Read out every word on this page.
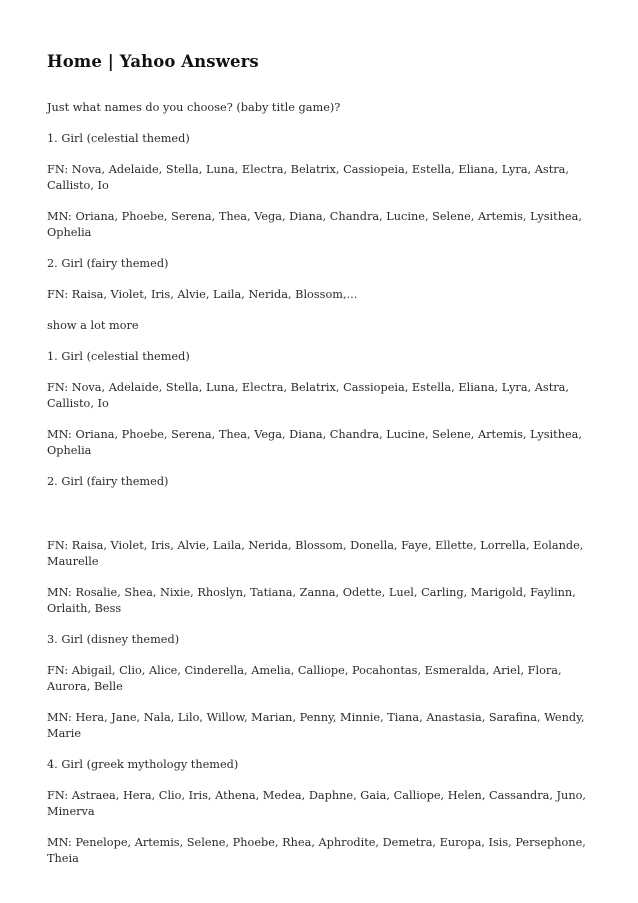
Home | Yahoo Answers

Just what names do you choose? (baby title game)?

1. Girl (celestial themed)

FN: Nova, Adelaide, Stella, Luna, Electra, Belatrix, Cassiopeia, Estella, Eliana, Lyra, Astra, Callisto, Io

MN: Oriana, Phoebe, Serena, Thea, Vega, Diana, Chandra, Lucine, Selene, Artemis, Lysithea, Ophelia

2. Girl (fairy themed)

FN: Raisa, Violet, Iris, Alvie, Laila, Nerida, Blossom,...

show a lot more

1. Girl (celestial themed)

FN: Nova, Adelaide, Stella, Luna, Electra, Belatrix, Cassiopeia, Estella, Eliana, Lyra, Astra, Callisto, Io

MN: Oriana, Phoebe, Serena, Thea, Vega, Diana, Chandra, Lucine, Selene, Artemis, Lysithea, Ophelia

2. Girl (fairy themed)

FN: Raisa, Violet, Iris, Alvie, Laila, Nerida, Blossom, Donella, Faye, Ellette, Lorrella, Eolande, Maurelle

MN: Rosalie, Shea, Nixie, Rhoslyn, Tatiana, Zanna, Odette, Luel, Carling, Marigold, Faylinn, Orlaith, Bess

3. Girl (disney themed)

FN: Abigail, Clio, Alice, Cinderella, Amelia, Calliope, Pocahontas, Esmeralda, Ariel, Flora, Aurora, Belle

MN: Hera, Jane, Nala, Lilo, Willow, Marian, Penny, Minnie, Tiana, Anastasia, Sarafina, Wendy, Marie

4. Girl (greek mythology themed)

FN: Astraea, Hera, Clio, Iris, Athena, Medea, Daphne, Gaia, Calliope, Helen, Cassandra, Juno, Minerva

MN: Penelope, Artemis, Selene, Phoebe, Rhea, Aphrodite, Demetra, Europa, Isis, Persephone, Theia
